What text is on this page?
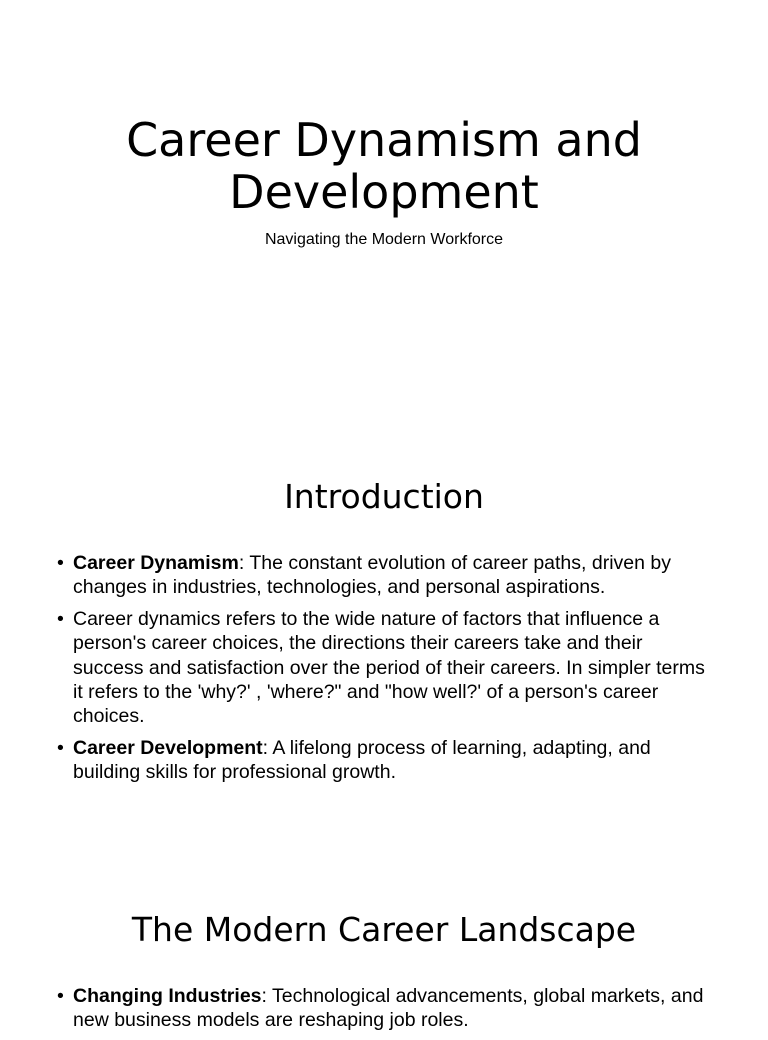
Career Dynamism and Development

Navigating the Modern Workforce

Introduction
• Career Dynamism: The constant evolution of career paths, driven by changes in industries, technologies, and personal aspirations.
• Career dynamics refers to the wide nature of factors that influence a person's career choices, the directions their careers take and their success and satisfaction over the period of their careers. In simpler terms it refers to the 'why?' , 'where?" and "how well?' of a person's career choices.
• Career Development: A lifelong process of learning, adapting, and building skills for professional growth.
The Modern Career Landscape
• Changing Industries: Technological advancements, global markets, and new business models are reshaping job roles.
